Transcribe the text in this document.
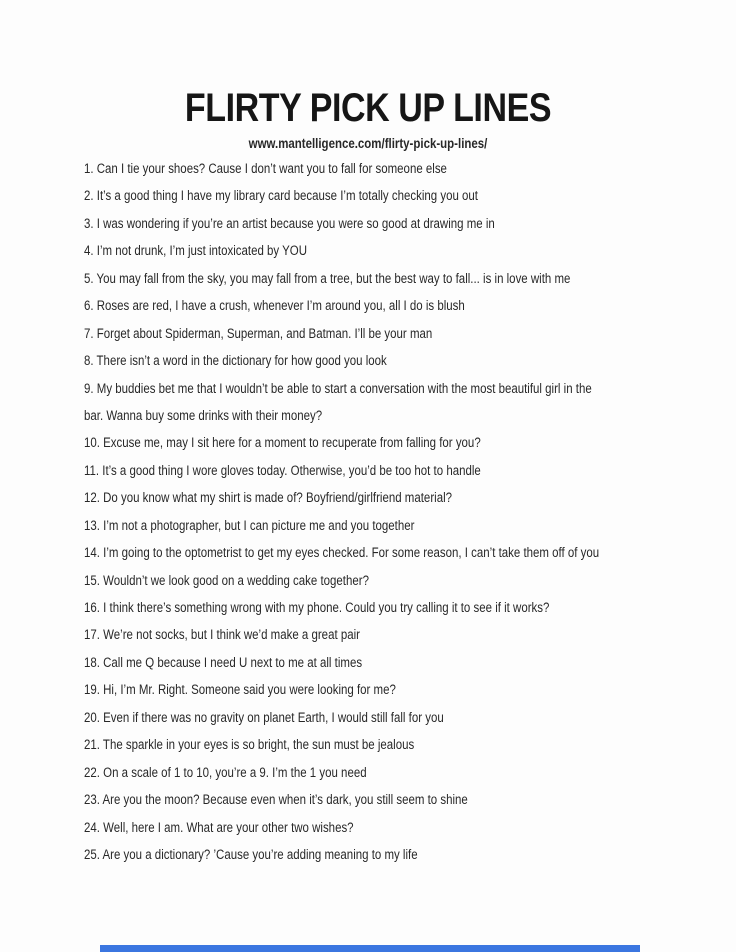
FLIRTY PICK UP LINES

www.mantelligence.com/flirty-pick-up-lines/

1. Can I tie your shoes? Cause I don’t want you to fall for someone else

2. It’s a good thing I have my library card because I’m totally checking you out

3. I was wondering if you’re an artist because you were so good at drawing me in

4. I’m not drunk, I’m just intoxicated by YOU

5. You may fall from the sky, you may fall from a tree, but the best way to fall... is in love with me

6. Roses are red, I have a crush, whenever I’m around you, all I do is blush

7. Forget about Spiderman, Superman, and Batman. I’ll be your man

8. There isn’t a word in the dictionary for how good you look

9. My buddies bet me that I wouldn’t be able to start a conversation with the most beautiful girl in the

bar. Wanna buy some drinks with their money?

10. Excuse me, may I sit here for a moment to recuperate from falling for you?

11. It’s a good thing I wore gloves today. Otherwise, you’d be too hot to handle

12. Do you know what my shirt is made of? Boyfriend/girlfriend material?

13. I’m not a photographer, but I can picture me and you together

14. I’m going to the optometrist to get my eyes checked. For some reason, I can’t take them off of you

15. Wouldn’t we look good on a wedding cake together?

16. I think there’s something wrong with my phone. Could you try calling it to see if it works?

17. We’re not socks, but I think we’d make a great pair

18. Call me Q because I need U next to me at all times

19. Hi, I’m Mr. Right. Someone said you were looking for me?

20. Even if there was no gravity on planet Earth, I would still fall for you

21. The sparkle in your eyes is so bright, the sun must be jealous

22. On a scale of 1 to 10, you’re a 9. I’m the 1 you need

23. Are you the moon? Because even when it’s dark, you still seem to shine

24. Well, here I am. What are your other two wishes?

25. Are you a dictionary? ’Cause you’re adding meaning to my life
